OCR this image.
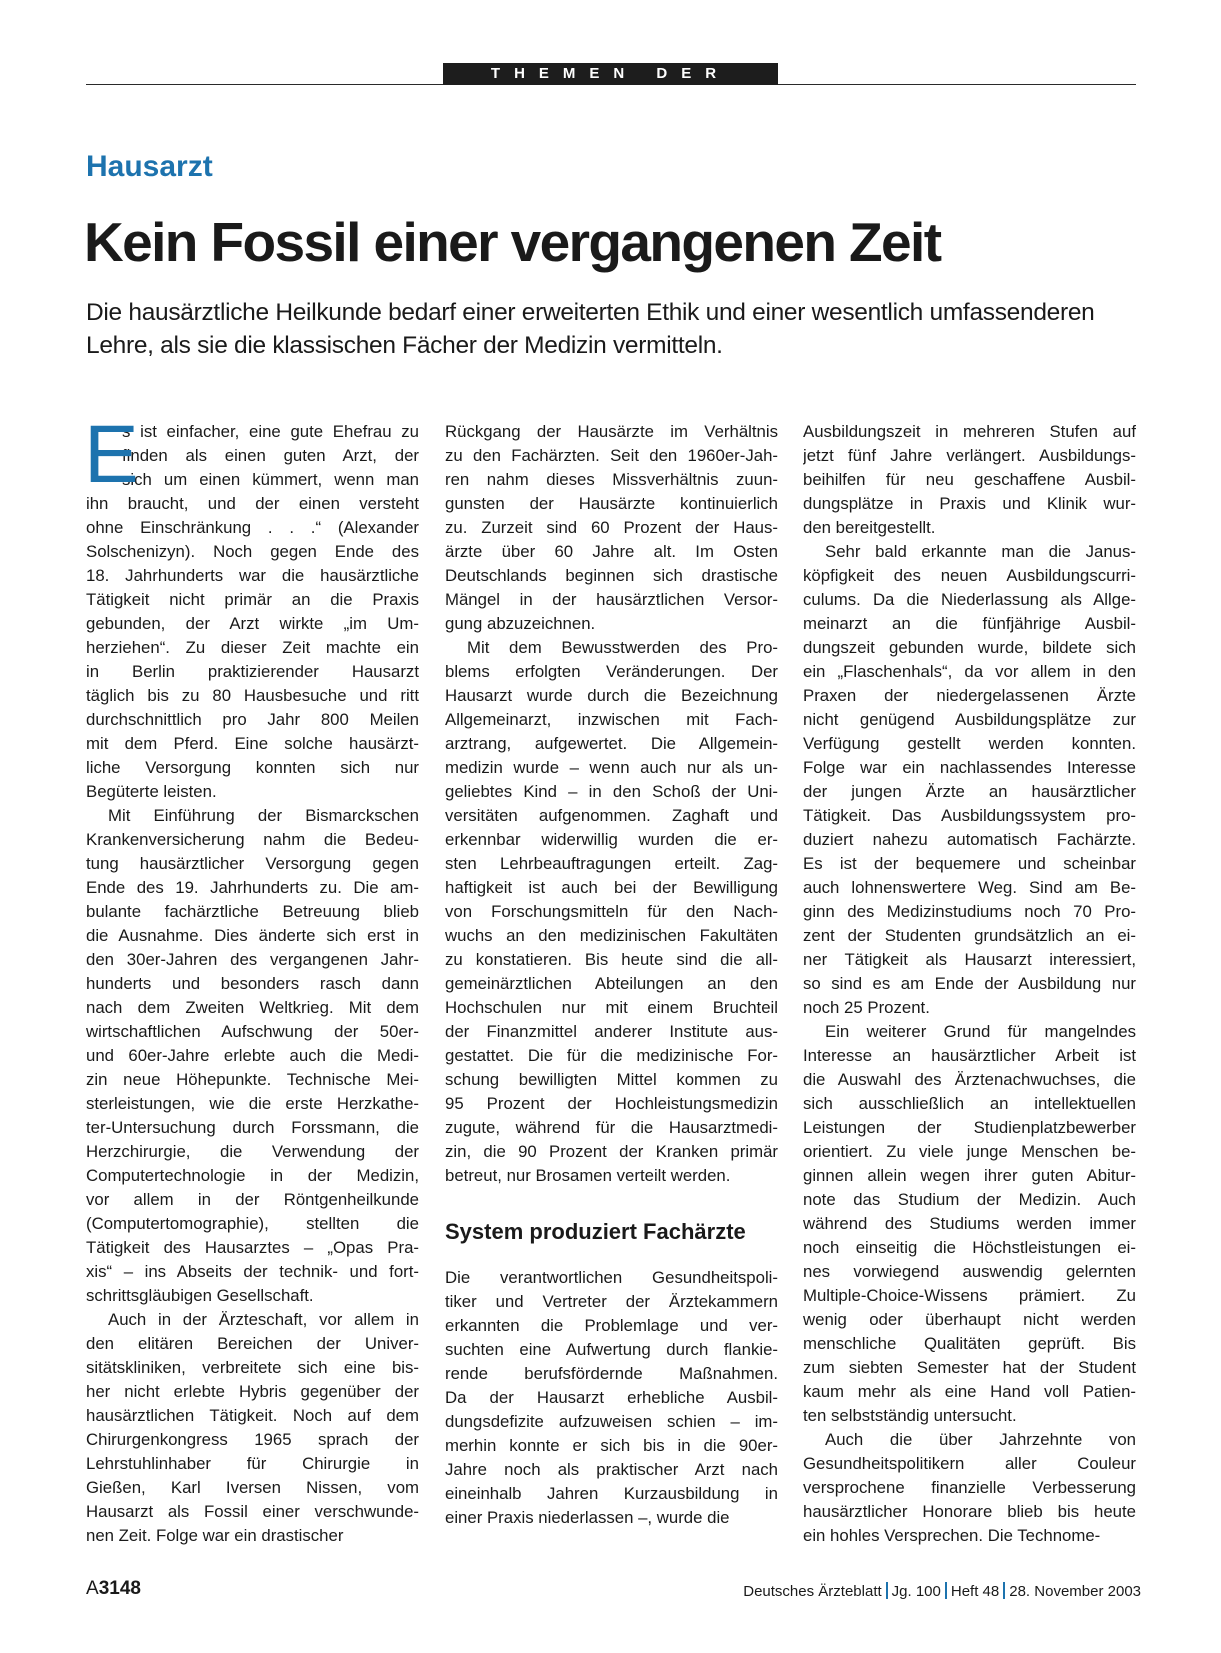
THEMEN DER ZEIT
Hausarzt
Kein Fossil einer vergangenen Zeit
Die hausärztliche Heilkunde bedarf einer erweiterten Ethik und einer wesentlich umfassenderen Lehre, als sie die klassischen Fächer der Medizin vermitteln.
E
s ist einfacher, eine gute Ehefrau zu
finden als einen guten Arzt, der
sich um einen kümmert, wenn man
ihn braucht, und der einen versteht
ohne Einschränkung . . .“ (Alexander
Solschenizyn). Noch gegen Ende des
18. Jahrhunderts war die hausärztliche
Tätigkeit nicht primär an die Praxis
gebunden, der Arzt wirkte „im Um-
herziehen“. Zu dieser Zeit machte ein
in Berlin praktizierender Hausarzt
täglich bis zu 80 Hausbesuche und ritt
durchschnittlich pro Jahr 800 Meilen
mit dem Pferd. Eine solche hausärzt-
liche Versorgung konnten sich nur
Begüterte leisten.
Mit Einführung der Bismarckschen
Krankenversicherung nahm die Bedeu-
tung hausärztlicher Versorgung gegen
Ende des 19. Jahrhunderts zu. Die am-
bulante fachärztliche Betreuung blieb
die Ausnahme. Dies änderte sich erst in
den 30er-Jahren des vergangenen Jahr-
hunderts und besonders rasch dann
nach dem Zweiten Weltkrieg. Mit dem
wirtschaftlichen Aufschwung der 50er-
und 60er-Jahre erlebte auch die Medi-
zin neue Höhepunkte. Technische Mei-
sterleistungen, wie die erste Herzkathe-
ter-Untersuchung durch Forssmann, die
Herzchirurgie, die Verwendung der
Computertechnologie in der Medizin,
vor allem in der Röntgenheilkunde
(Computertomographie), stellten die
Tätigkeit des Hausarztes – „Opas Pra-
xis“ – ins Abseits der technik- und fort-
schrittsgläubigen Gesellschaft.
Auch in der Ärzteschaft, vor allem in
den elitären Bereichen der Univer-
sitätskliniken, verbreitete sich eine bis-
her nicht erlebte Hybris gegenüber der
hausärztlichen Tätigkeit. Noch auf dem
Chirurgenkongress 1965 sprach der
Lehrstuhlinhaber für Chirurgie in
Gießen, Karl Iversen Nissen, vom
Hausarzt als Fossil einer verschwunde-
nen Zeit. Folge war ein drastischer
Rückgang der Hausärzte im Verhältnis
zu den Fachärzten. Seit den 1960er-Jah-
ren nahm dieses Missverhältnis zuun-
gunsten der Hausärzte kontinuierlich
zu. Zurzeit sind 60 Prozent der Haus-
ärzte über 60 Jahre alt. Im Osten
Deutschlands beginnen sich drastische
Mängel in der hausärztlichen Versor-
gung abzuzeichnen.
Mit dem Bewusstwerden des Pro-
blems erfolgten Veränderungen. Der
Hausarzt wurde durch die Bezeichnung
Allgemeinarzt, inzwischen mit Fach-
arztrang, aufgewertet. Die Allgemein-
medizin wurde – wenn auch nur als un-
geliebtes Kind – in den Schoß der Uni-
versitäten aufgenommen. Zaghaft und
erkennbar widerwillig wurden die er-
sten Lehrbeauftragungen erteilt. Zag-
haftigkeit ist auch bei der Bewilligung
von Forschungsmitteln für den Nach-
wuchs an den medizinischen Fakultäten
zu konstatieren. Bis heute sind die all-
gemeinärztlichen Abteilungen an den
Hochschulen nur mit einem Bruchteil
der Finanzmittel anderer Institute aus-
gestattet. Die für die medizinische For-
schung bewilligten Mittel kommen zu
95 Prozent der Hochleistungsmedizin
zugute, während für die Hausarztmedi-
zin, die 90 Prozent der Kranken primär
betreut, nur Brosamen verteilt werden.
System produziert Fachärzte
Die verantwortlichen Gesundheitspoli-
tiker und Vertreter der Ärztekammern
erkannten die Problemlage und ver-
suchten eine Aufwertung durch flankie-
rende berufsfördernde Maßnahmen.
Da der Hausarzt erhebliche Ausbil-
dungsdefizite aufzuweisen schien – im-
merhin konnte er sich bis in die 90er-
Jahre noch als praktischer Arzt nach
eineinhalb Jahren Kurzausbildung in
einer Praxis niederlassen –, wurde die
Ausbildungszeit in mehreren Stufen auf
jetzt fünf Jahre verlängert. Ausbildungs-
beihilfen für neu geschaffene Ausbil-
dungsplätze in Praxis und Klinik wur-
den bereitgestellt.
Sehr bald erkannte man die Janus-
köpfigkeit des neuen Ausbildungscurri-
culums. Da die Niederlassung als Allge-
meinarzt an die fünfjährige Ausbil-
dungszeit gebunden wurde, bildete sich
ein „Flaschenhals“, da vor allem in den
Praxen der niedergelassenen Ärzte
nicht genügend Ausbildungsplätze zur
Verfügung gestellt werden konnten.
Folge war ein nachlassendes Interesse
der jungen Ärzte an hausärztlicher
Tätigkeit. Das Ausbildungssystem pro-
duziert nahezu automatisch Fachärzte.
Es ist der bequemere und scheinbar
auch lohnenswertere Weg. Sind am Be-
ginn des Medizinstudiums noch 70 Pro-
zent der Studenten grundsätzlich an ei-
ner Tätigkeit als Hausarzt interessiert,
so sind es am Ende der Ausbildung nur
noch 25 Prozent.
Ein weiterer Grund für mangelndes
Interesse an hausärztlicher Arbeit ist
die Auswahl des Ärztenachwuchses, die
sich ausschließlich an intellektuellen
Leistungen der Studienplatzbewerber
orientiert. Zu viele junge Menschen be-
ginnen allein wegen ihrer guten Abitur-
note das Studium der Medizin. Auch
während des Studiums werden immer
noch einseitig die Höchstleistungen ei-
nes vorwiegend auswendig gelernten
Multiple-Choice-Wissens prämiert. Zu
wenig oder überhaupt nicht werden
menschliche Qualitäten geprüft. Bis
zum siebten Semester hat der Student
kaum mehr als eine Hand voll Patien-
ten selbstständig untersucht.
Auch die über Jahrzehnte von
Gesundheitspolitikern aller Couleur
versprochene finanzielle Verbesserung
hausärztlicher Honorare blieb bis heute
ein hohles Versprechen. Die Technome-
A3148	Deutsches Ärzteblatt Jg. 100 Heft 48 28. November 2003
